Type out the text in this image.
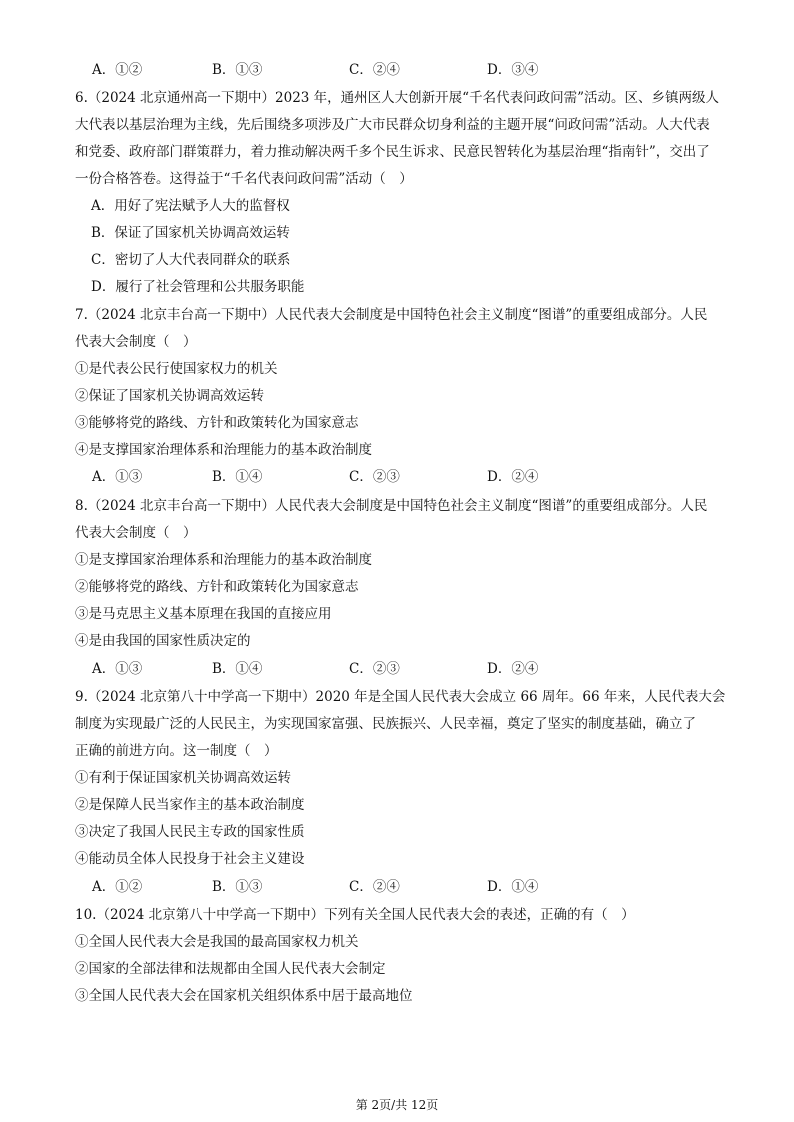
A．①②	B．①③	C．②④	D．③④
6.（2024 北京通州高一下期中）2023 年，通州区人大创新开展“千名代表问政问需”活动。区、乡镇两级人
大代表以基层治理为主线，先后围绕多项涉及广大市民群众切身利益的主题开展“问政问需”活动。人大代表
和党委、政府部门群策群力，着力推动解决两千多个民生诉求、民意民智转化为基层治理“指南针”，交出了
一份合格答卷。这得益于“千名代表问政问需”活动（　）
A．用好了宪法赋予人大的监督权
B．保证了国家机关协调高效运转
C．密切了人大代表同群众的联系
D．履行了社会管理和公共服务职能
7.（2024 北京丰台高一下期中）人民代表大会制度是中国特色社会主义制度“图谱”的重要组成部分。人民
代表大会制度（　）
①是代表公民行使国家权力的机关
②保证了国家机关协调高效运转
③能够将党的路线、方针和政策转化为国家意志
④是支撑国家治理体系和治理能力的基本政治制度
A．①③	B．①④	C．②③	D．②④
8.（2024 北京丰台高一下期中）人民代表大会制度是中国特色社会主义制度“图谱”的重要组成部分。人民
代表大会制度（　）
①是支撑国家治理体系和治理能力的基本政治制度
②能够将党的路线、方针和政策转化为国家意志
③是马克思主义基本原理在我国的直接应用
④是由我国的国家性质决定的
A．①③	B．①④	C．②③	D．②④
9.（2024 北京第八十中学高一下期中）2020 年是全国人民代表大会成立 66 周年。66 年来，人民代表大会
制度为实现最广泛的人民民主，为实现国家富强、民族振兴、人民幸福，奠定了坚实的制度基础，确立了
正确的前进方向。这一制度（　）
①有利于保证国家机关协调高效运转
②是保障人民当家作主的基本政治制度
③决定了我国人民民主专政的国家性质
④能动员全体人民投身于社会主义建设
A．①②	B．①③	C．②④	D．①④
10.（2024 北京第八十中学高一下期中）下列有关全国人民代表大会的表述，正确的有（　）
①全国人民代表大会是我国的最高国家权力机关
②国家的全部法律和法规都由全国人民代表大会制定
③全国人民代表大会在国家机关组织体系中居于最高地位
第 2页/共 12页
